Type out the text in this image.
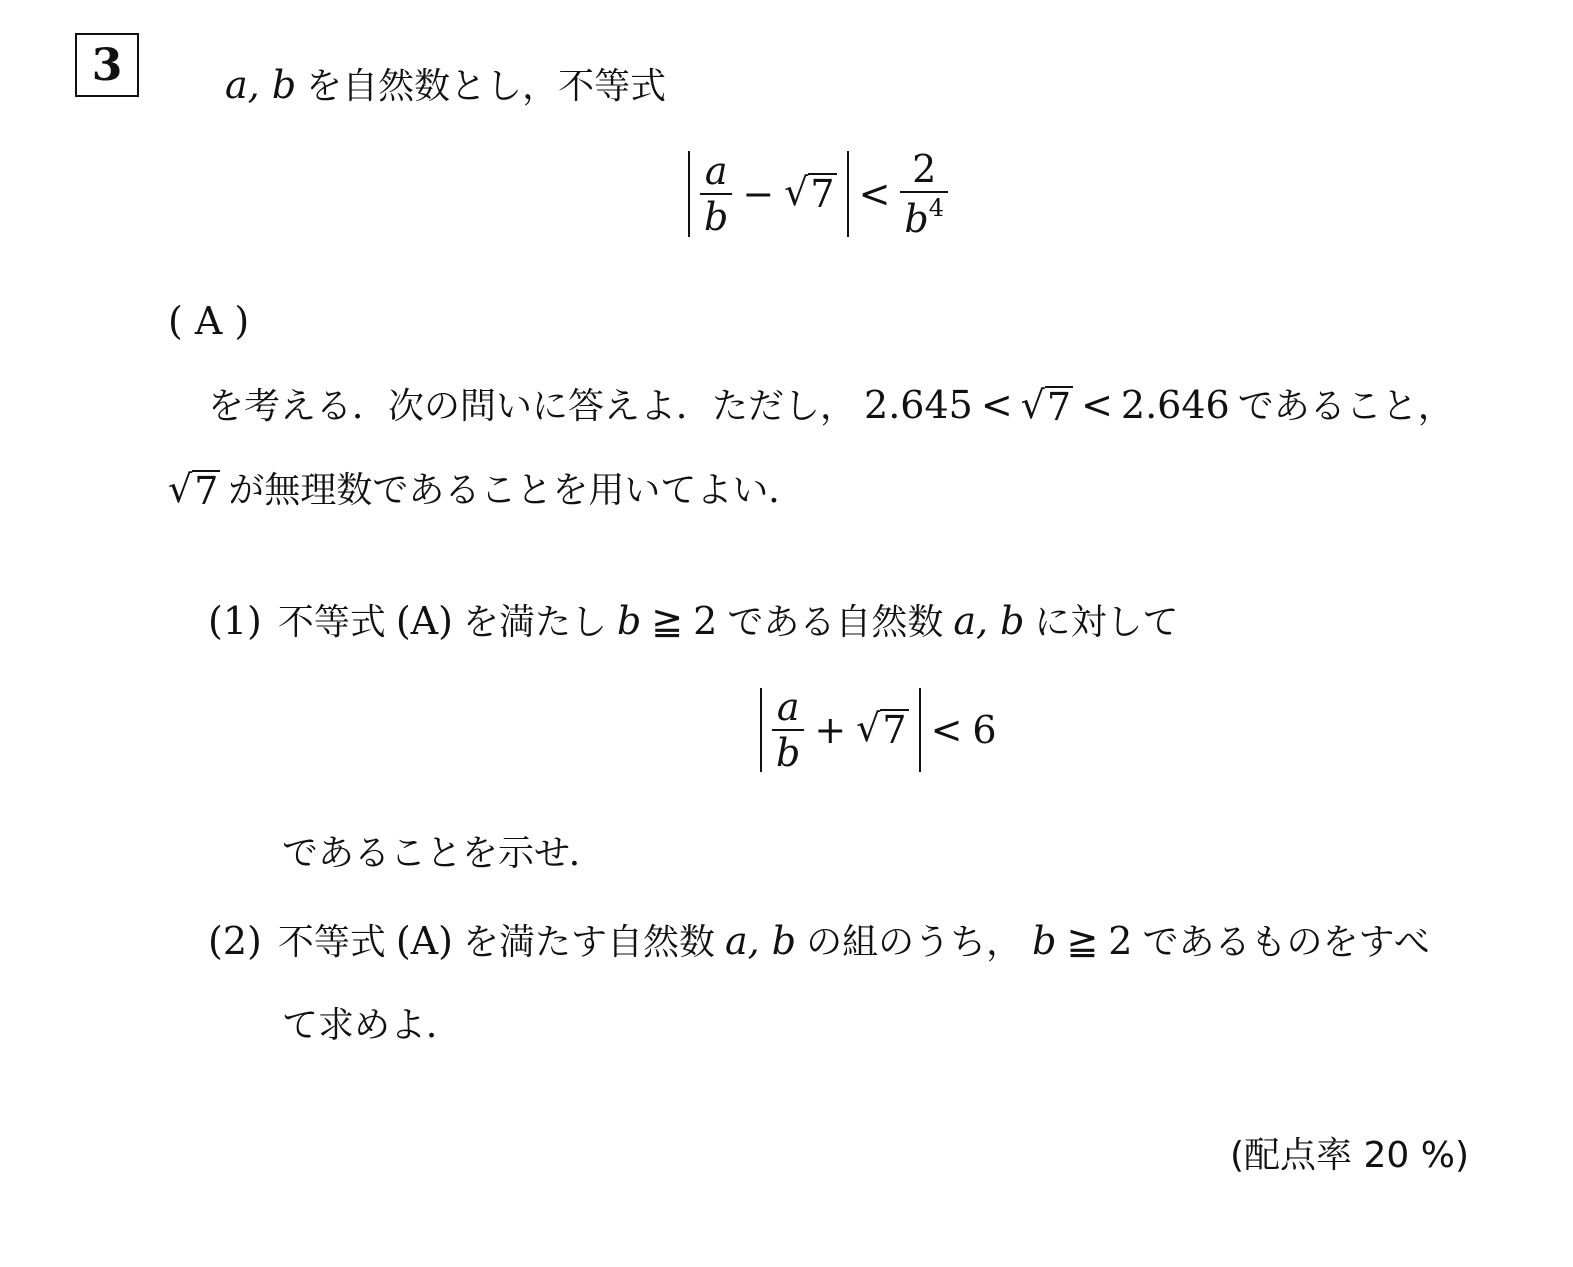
3	a, b を自然数とし，不等式
$\frac{a}{b}$ − √ $7 < \frac{2}{b^4}$
( A )
を考える．次の問いに答えよ．ただし， 2.645 < √ 7 < 2.646 であること，
√ 7 が無理数であることを用いてよい．
(1) 不等式 (A) を満たし b ≧ 2 である自然数 a, b に対して
$\frac{a}{b}$ + √ 7 < 6
であることを示せ．
(2) 不等式 (A) を満たす自然数 a, b の組のうち， b ≧ 2 であるものをすべ
て求めよ．
(配点率 20 %)
